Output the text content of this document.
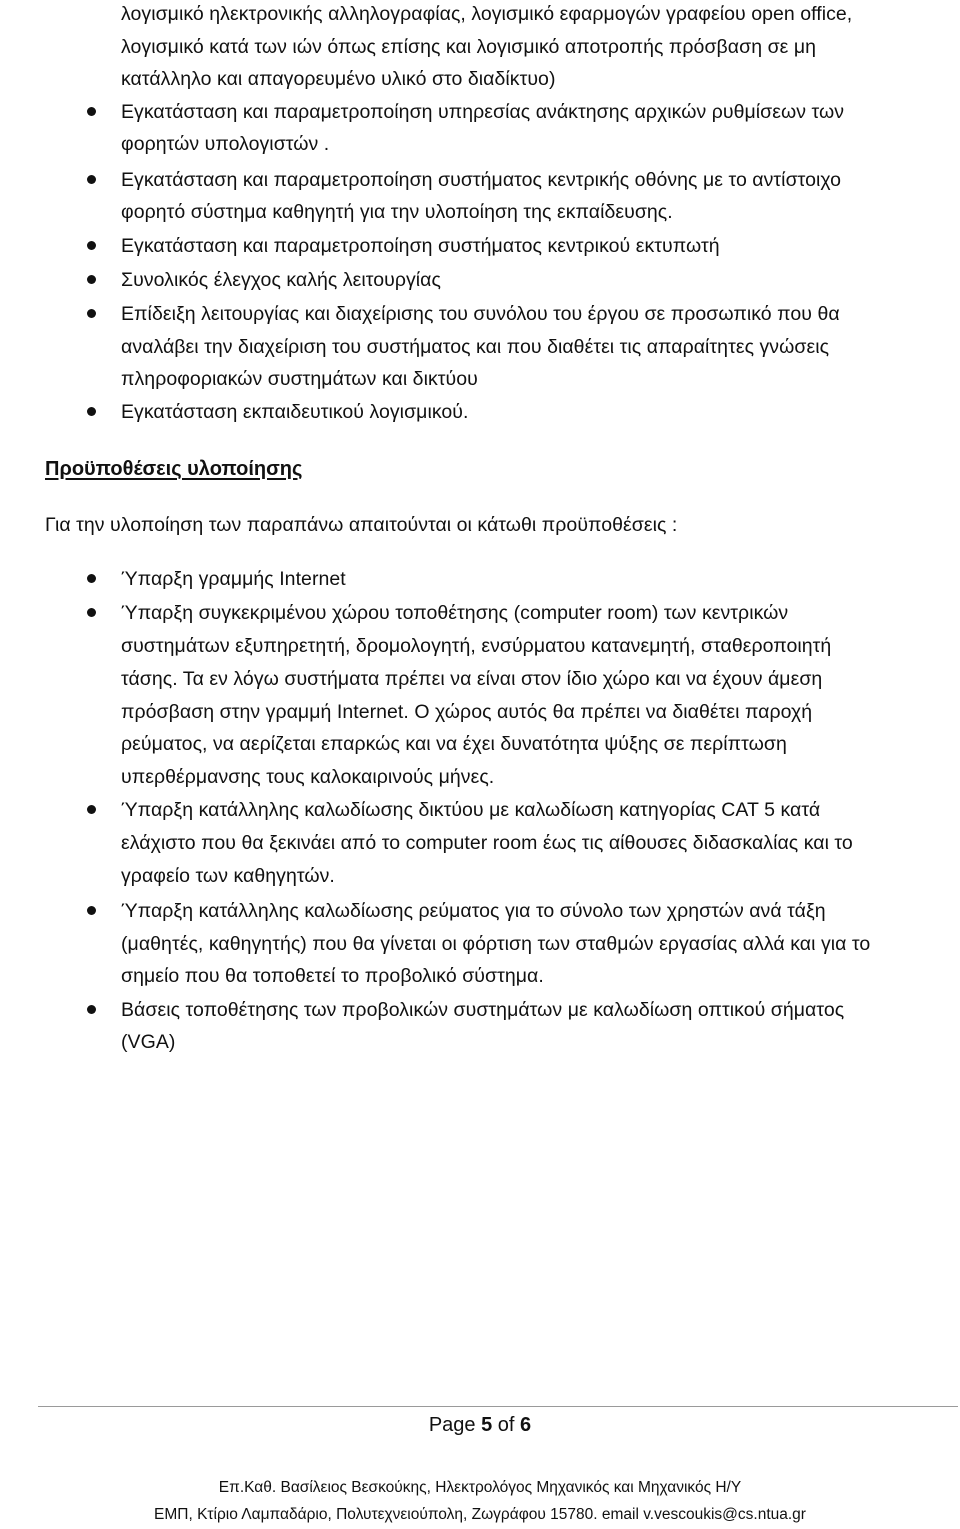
λογισμικό ηλεκτρονικής αλληλογραφίας, λογισμικό εφαρμογών γραφείου open office,
λογισμικό κατά των ιών όπως επίσης και λογισμικό αποτροπής πρόσβαση σε μη
κατάλληλο και απαγορευμένο υλικό στο διαδίκτυο)
Εγκατάσταση και παραμετροποίηση υπηρεσίας ανάκτησης αρχικών ρυθμίσεων των
φορητών υπολογιστών .
Εγκατάσταση και παραμετροποίηση συστήματος κεντρικής οθόνης με το αντίστοιχο
φορητό σύστημα καθηγητή για την υλοποίηση της εκπαίδευσης.
Εγκατάσταση και παραμετροποίηση συστήματος κεντρικού εκτυπωτή
Συνολικός έλεγχος καλής λειτουργίας
Επίδειξη λειτουργίας και διαχείρισης του συνόλου του έργου σε προσωπικό που θα
αναλάβει την διαχείριση του συστήματος και που διαθέτει τις απαραίτητες γνώσεις
πληροφοριακών συστημάτων και δικτύου
Εγκατάσταση εκπαιδευτικού λογισμικού.
Προϋποθέσεις υλοποίησης
Για την υλοποίηση των παραπάνω απαιτούνται οι κάτωθι προϋποθέσεις :
Ύπαρξη γραμμής Internet
Ύπαρξη συγκεκριμένου χώρου τοποθέτησης (computer room) των κεντρικών
συστημάτων εξυπηρετητή, δρομολογητή, ενσύρματου κατανεμητή, σταθεροποιητή
τάσης. Τα εν λόγω συστήματα πρέπει να είναι στον ίδιο χώρο και να έχουν άμεση
πρόσβαση στην γραμμή Internet. Ο χώρος αυτός θα πρέπει να διαθέτει παροχή
ρεύματος, να αερίζεται επαρκώς και να έχει δυνατότητα ψύξης σε περίπτωση
υπερθέρμανσης τους καλοκαιρινούς μήνες.
Ύπαρξη κατάλληλης καλωδίωσης δικτύου με καλωδίωση κατηγορίας CAT 5 κατά
ελάχιστο που θα ξεκινάει από το computer room έως τις αίθουσες διδασκαλίας και το
γραφείο των καθηγητών.
Ύπαρξη κατάλληλης καλωδίωσης ρεύματος για το σύνολο των χρηστών ανά τάξη
(μαθητές, καθηγητής) που θα γίνεται οι φόρτιση των σταθμών εργασίας αλλά και για το
σημείο που θα τοποθετεί το προβολικό σύστημα.
Βάσεις τοποθέτησης των προβολικών συστημάτων με καλωδίωση οπτικού σήματος
(VGA)
Page 5 of 6
Επ.Καθ. Βασίλειος Βεσκούκης, Ηλεκτρολόγος Μηχανικός και Μηχανικός Η/Υ
ΕΜΠ, Κτίριο Λαμπαδάριο, Πολυτεχνειούπολη, Ζωγράφου 15780. email v.vescoukis@cs.ntua.gr
